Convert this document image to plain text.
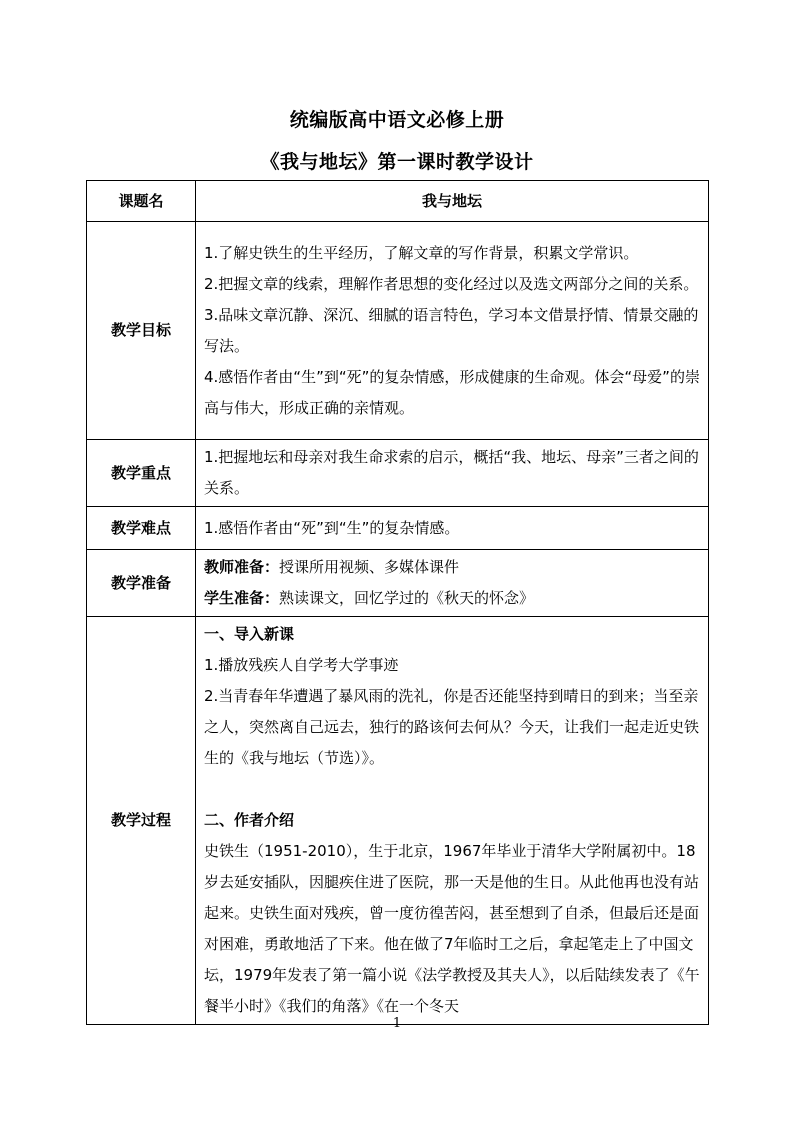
统编版高中语文必修上册
《我与地坛》第一课时教学设计
课题名	我与地坛
教学目标	1.了解史铁生的生平经历，了解文章的写作背景，积累文学常识。
2.把握文章的线索，理解作者思想的变化经过以及选文两部分之间的关系。
3.品味文章沉静、深沉、细腻的语言特色，学习本文借景抒情、情景交融的写法。
4.感悟作者由“生”到“死”的复杂情感，形成健康的生命观。体会“母爱”的崇高与伟大，形成正确的亲情观。

教学重点	1.把握地坛和母亲对我生命求索的启示，概括“我、地坛、母亲”三者之间的关系。
教学难点	1.感悟作者由“死”到“生”的复杂情感。
教学准备	教师准备：授课所用视频、多媒体课件
学生准备：熟读课文，回忆学过的《秋天的怀念》

教学过程	一、导入新课
1.播放残疾人自学考大学事迹
2.当青春年华遭遇了暴风雨的洗礼，你是否还能坚持到晴日的到来；当至亲之人，突然离自己远去，独行的路该何去何从？今天，让我们一起走近史铁生的《我与地坛（节选）》。
二、作者介绍
史铁生（1951-2010），生于北京，1967年毕业于清华大学附属初中。18岁去延安插队，因腿疾住进了医院，那一天是他的生日。从此他再也没有站起来。史铁生面对残疾，曾一度彷徨苦闷，甚至想到了自杀，但最后还是面对困难，勇敢地活了下来。他在做了7年临时工之后，拿起笔走上了中国文坛，1979年发表了第一篇小说《法学教授及其夫人》，以后陆续发表了《午餐半小时》《我们的角落》《在一个冬天
1
